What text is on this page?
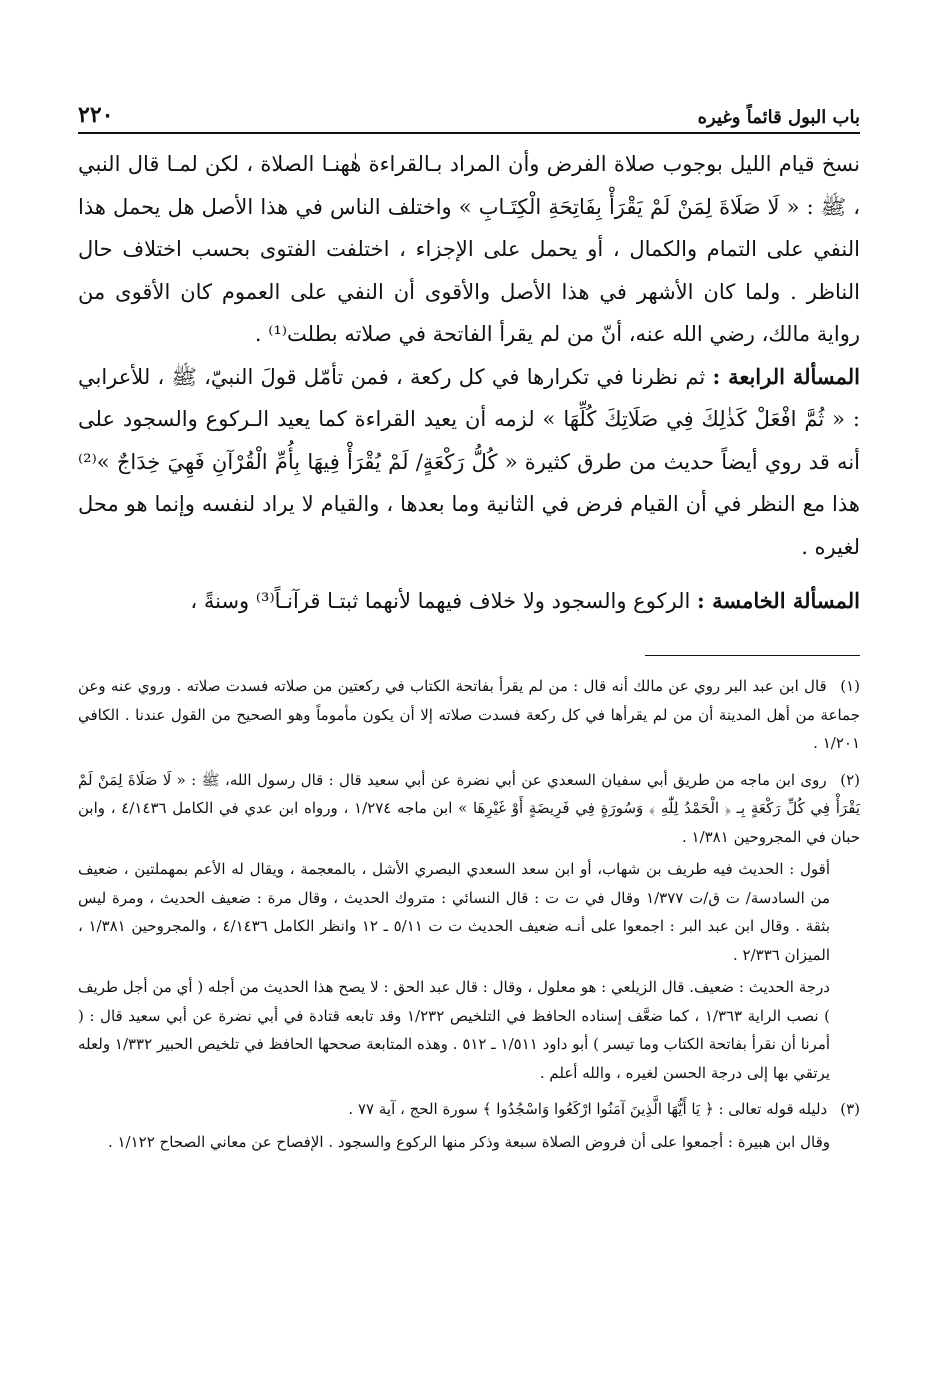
باب البول قائماً وغيره
٢٢٠

نسخ قيام الليل بوجوب صلاة الفرض وأن المراد بـالقراءة هٰهنـا الصلاة ، لكن لمـا قال النبي ، ﷺ : « لَا صَلَاةَ لِمَنْ لَمْ يَقْرَأْ بِفَاتِحَةِ الْكِتَـابِ » واختلف الناس في هذا الأصل هل يحمل هذا النفي على التمام والكمال ، أو يحمل على الإجزاء ، اختلفت الفتوى بحسب اختلاف حال الناظر . ولما كان الأشهر في هذا الأصل والأقوى أن النفي على العموم كان الأقوى من رواية مالك، رضي الله عنه، أنّ من لم يقرأ الفاتحة في صلاته بطلت⁽¹⁾ .

المسألة الرابعة : ثم نظرنا في تكرارها في كل ركعة ، فمن تأمّل قولَ النبيّ، ﷺ ، للأعرابي : « ثُمَّ افْعَلْ كَذٰلِكَ فِي صَلَاتِكَ كُلِّهَا » لزمه أن يعيد القراءة كما يعيد الـركوع والسجود على أنه قد روي أيضاً حديث من طرق كثيرة « كُلُّ رَكْعَةٍ/ لَمْ يُقْرَأْ فِيهَا بِأُمِّ الْقُرْآنِ فَهِيَ خِدَاجٌ »⁽²⁾ هذا مع النظر في أن القيام فرض في الثانية وما بعدها ، والقيام لا يراد لنفسه وإنما هو محل لغيره .

المسألة الخامسة : الركوع والسجود ولا خلاف فيهما لأنهما ثبتـا قرآنـاً⁽³⁾ وسنةً ،

(١) قال ابن عبد البر روي عن مالك أنه قال : من لم يقرأ بفاتحة الكتاب في ركعتين من صلاته فسدت صلاته . وروي عنه وعن جماعة من أهل المدينة أن من لم يقرأها في كل ركعة فسدت صلاته إلا أن يكون مأموماً وهو الصحيح من القول عندنا . الكافي ١/٢٠١ .

(٢) روى ابن ماجه من طريق أبي سفيان السعدي عن أبي نضرة عن أبي سعيد قال : قال رسول الله، ﷺ : « لَا صَلَاةَ لِمَنْ لَمْ يَقْرَأْ فِي كُلِّ رَكْعَةٍ بِـ ﴿ الْحَمْدُ لِلّٰهِ ﴾ وَسُورَةٍ فِي فَرِيضَةٍ أَوْ غَيْرِهَا » ابن ماجه ١/٢٧٤ ، ورواه ابن عدي في الكامل ٤/١٤٣٦ ، وابن حبان في المجروحين ١/٣٨١ .

أقول : الحديث فيه طريف بن شهاب، أو ابن سعد السعدي البصري الأشل ، بالمعجمة ، ويقال له الأعم بمهملتين ، ضعيف من السادسة/ ت ق/ت ١/٣٧٧ وقال في ت ت : قال النسائي : متروك الحديث ، وقال مرة : ضعيف الحديث ، ومرة ليس بثقة . وقال ابن عبد البر : اجمعوا على أنـه ضعيف الحديث ت ت ٥/١١ ـ ١٢ وانظر الكامل ٤/١٤٣٦ ، والمجروحين ١/٣٨١ ، الميزان ٢/٣٣٦ .

درجة الحديث : ضعيف. قال الزيلعي : هو معلول ، وقال : قال عبد الحق : لا يصح هذا الحديث من أجله ( أي من أجل طريف ) نصب الراية ١/٣٦٣ ، كما ضعَّف إسناده الحافظ في التلخيص ١/٢٣٢ وقد تابعه قتادة في أبي نضرة عن أبي سعيد قال : ( أمرنا أن نقرأ بفاتحة الكتاب وما تيسر ) أبو داود ١/٥١١ ـ ٥١٢ . وهذه المتابعة صححها الحافظ في تلخيص الحبير ١/٣٣٢ ولعله يرتقي بها إلى درجة الحسن لغيره ، والله أعلم .

(٣) دليله قوله تعالى : ﴿ يَا أَيُّهَا الَّذِينَ آمَنُوا ارْكَعُوا وَاسْجُدُوا ﴾ سورة الحج ، آية ٧٧ .

وقال ابن هبيرة : أجمعوا على أن فروض الصلاة سبعة وذكر منها الركوع والسجود . الإفصاح عن معاني الصحاح ١/١٢٢ .
